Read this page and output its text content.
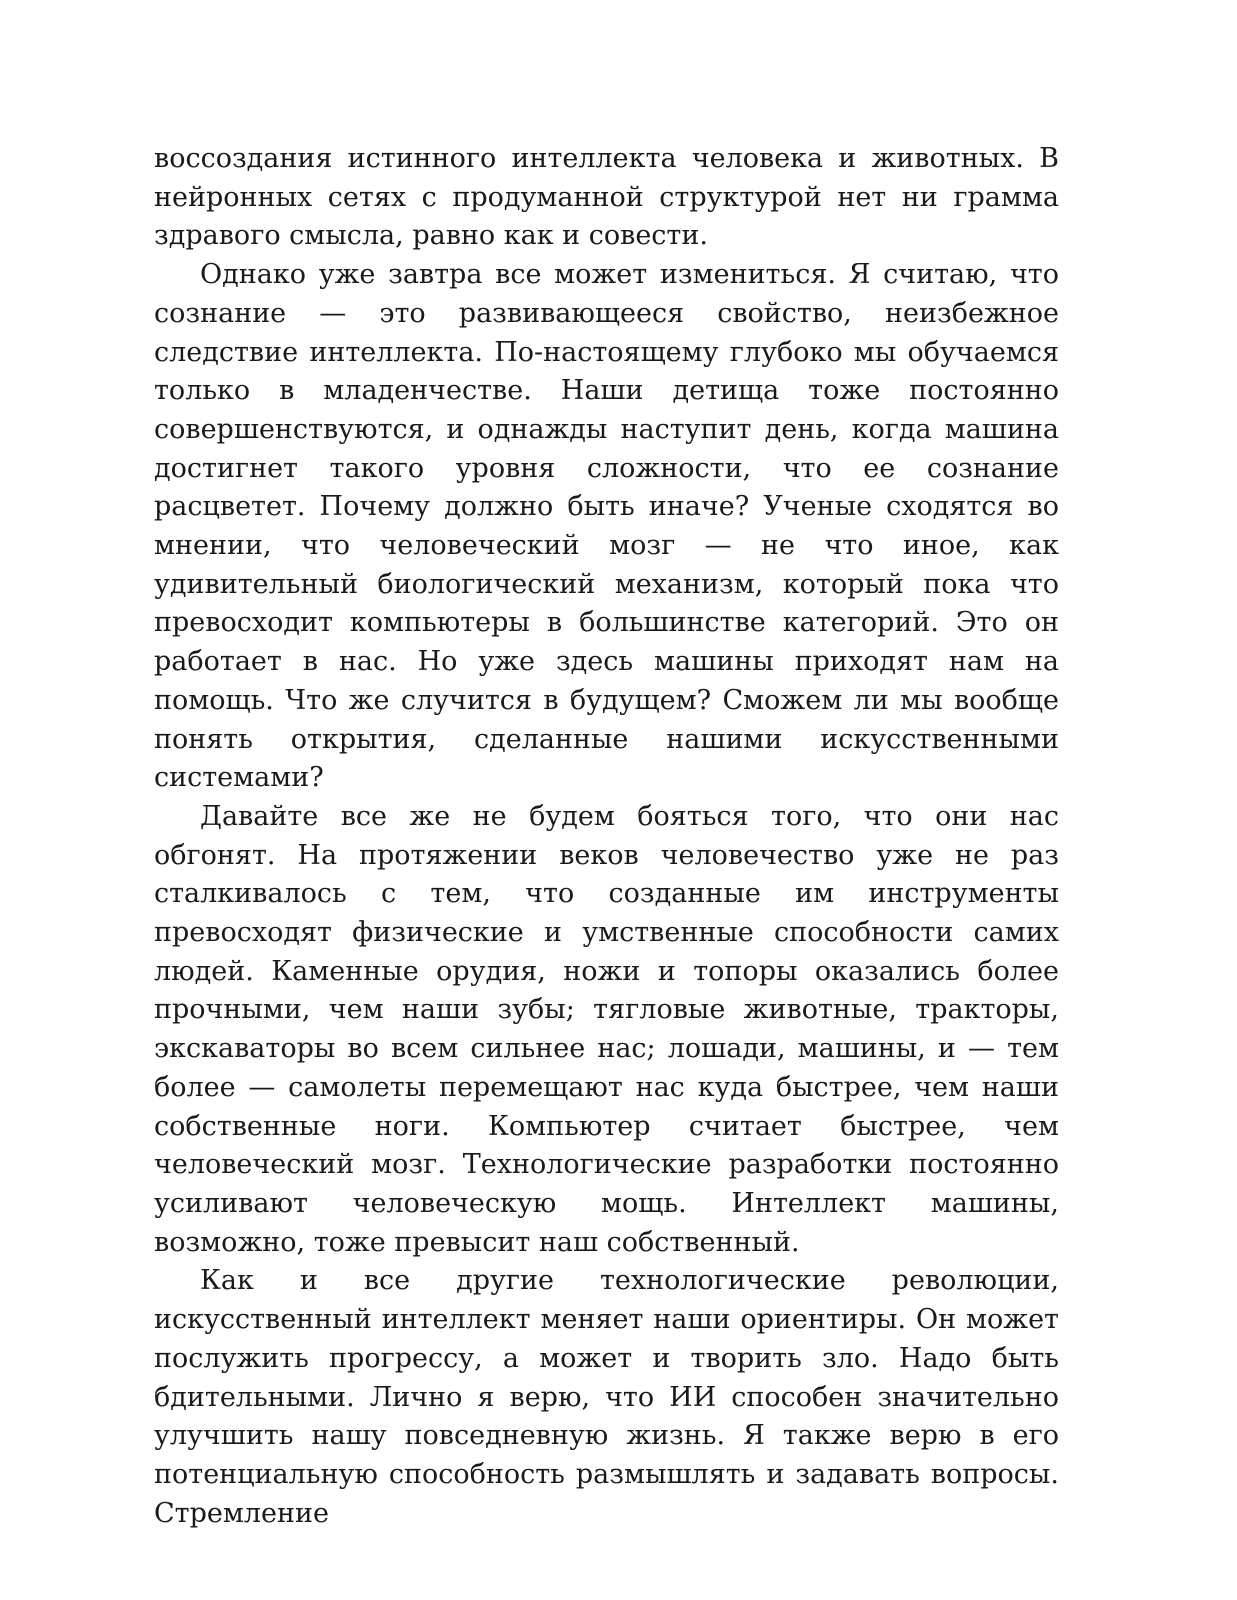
воссоздания истинного интеллекта человека и животных. В нейронных сетях с продуманной структурой нет ни грамма здравого смысла, равно как и совести.

Однако уже завтра все может измениться. Я считаю, что сознание — это развивающееся свойство, неизбежное следствие интеллекта. По-настоящему глубоко мы обучаемся только в младенчестве. Наши детища тоже постоянно совершенствуются, и однажды наступит день, когда машина достигнет такого уровня сложности, что ее сознание расцветет. Почему должно быть иначе? Ученые сходятся во мнении, что человеческий мозг — не что иное, как удивительный биологический механизм, который пока что превосходит компьютеры в большинстве категорий. Это он работает в нас. Но уже здесь машины приходят нам на помощь. Что же случится в будущем? Сможем ли мы вообще понять открытия, сделанные нашими искусственными системами?

Давайте все же не будем бояться того, что они нас обгонят. На протяжении веков человечество уже не раз сталкивалось с тем, что созданные им инструменты превосходят физические и умственные способности самих людей. Каменные орудия, ножи и топоры оказались более прочными, чем наши зубы; тягловые животные, тракторы, экскаваторы во всем сильнее нас; лошади, машины, и — тем более — самолеты перемещают нас куда быстрее, чем наши собственные ноги. Компьютер считает быстрее, чем человеческий мозг. Технологические разработки постоянно усиливают человеческую мощь. Интеллект машины, возможно, тоже превысит наш собственный.

Как и все другие технологические революции, искусственный интеллект меняет наши ориентиры. Он может послужить прогрессу, а может и творить зло. Надо быть бдительными. Лично я верю, что ИИ способен значительно улучшить нашу повседневную жизнь. Я также верю в его потенциальную способность размышлять и задавать вопросы. Стремление
